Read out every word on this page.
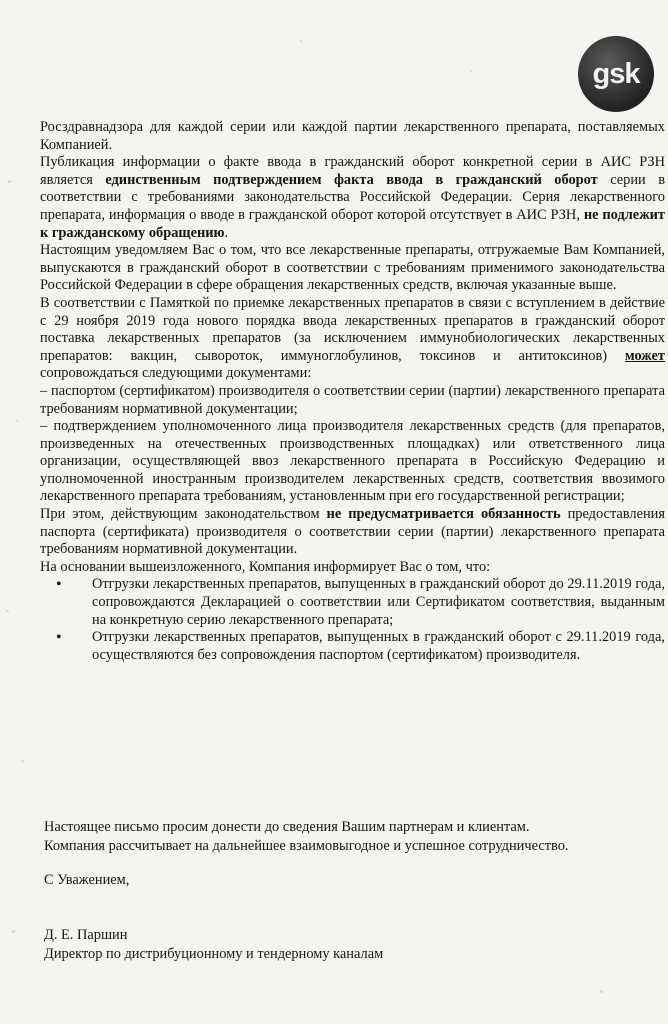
gsk

Росздравнадзора для каждой серии или каждой партии лекарственного препарата, поставляемых Компанией.

Публикация информации о факте ввода в гражданский оборот конкретной серии в АИС РЗН является единственным подтверждением факта ввода в гражданский оборот серии в соответствии с требованиями законодательства Российской Федерации. Серия лекарственного препарата, информация о вводе в гражданской оборот которой отсутствует в АИС РЗН, не подлежит к гражданскому обращению.

Настоящим уведомляем Вас о том, что все лекарственные препараты, отгружаемые Вам Компанией, выпускаются в гражданский оборот в соответствии с требованиям применимого законодательства Российской Федерации в сфере обращения лекарственных средств, включая указанные выше.

В соответствии с Памяткой по приемке лекарственных препаратов в связи с вступлением в действие с 29 ноября 2019 года нового порядка ввода лекарственных препаратов в гражданский оборот поставка лекарственных препаратов (за исключением иммунобиологических лекарственных препаратов: вакцин, сывороток, иммуноглобулинов, токсинов и антитоксинов) может сопровождаться следующими документами:

– паспортом (сертификатом) производителя о соответствии серии (партии) лекарственного препарата требованиям нормативной документации;

– подтверждением уполномоченного лица производителя лекарственных средств (для препаратов, произведенных на отечественных производственных площадках) или ответственного лица организации, осуществляющей ввоз лекарственного препарата в Российскую Федерацию и уполномоченной иностранным производителем лекарственных средств, соответствия ввозимого лекарственного препарата требованиям, установленным при его государственной регистрации;

При этом, действующим законодательством не предусматривается обязанность предоставления паспорта (сертификата) производителя о соответствии серии (партии) лекарственного препарата требованиям нормативной документации.

На основании вышеизложенного, Компания информирует Вас о том, что:

• Отгрузки лекарственных препаратов, выпущенных в гражданский оборот до 29.11.2019 года, сопровождаются Декларацией о соответствии или Сертификатом соответствия, выданным на конкретную серию лекарственного препарата;
• Отгрузки лекарственных препаратов, выпущенных в гражданский оборот с 29.11.2019 года, осуществляются без сопровождения паспортом (сертификатом) производителя.

Настоящее письмо просим донести до сведения Вашим партнерам и клиентам.

Компания рассчитывает на дальнейшее взаимовыгодное и успешное сотрудничество.

С Уважением,

Д. Е. Паршин

Директор по дистрибуционному и тендерному каналам
